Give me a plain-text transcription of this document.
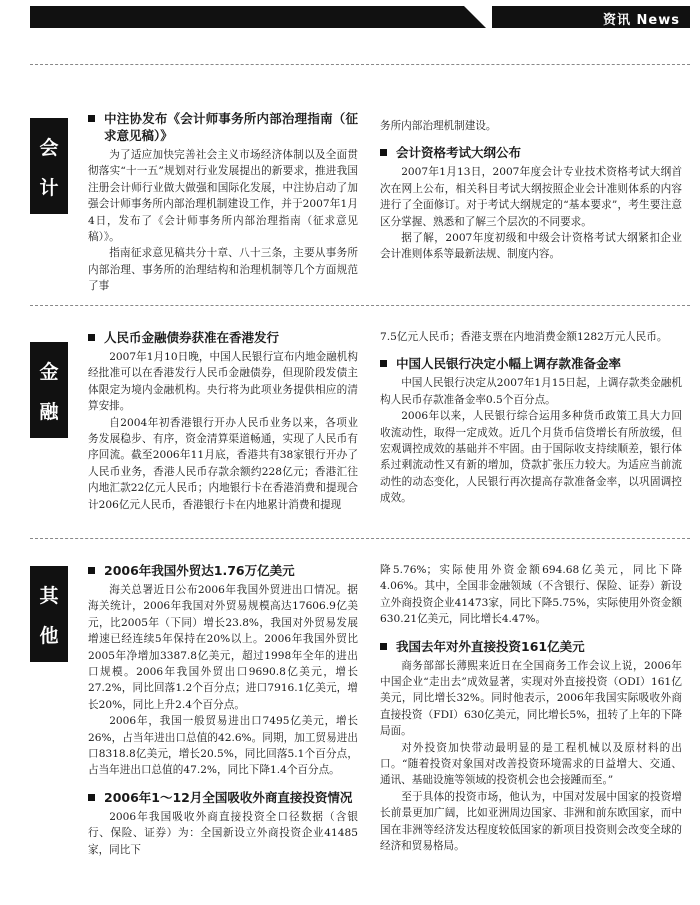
资讯 News
会
计
中注协发布《会计师事务所内部治理指南（征求意见稿）》

为了适应加快完善社会主义市场经济体制以及全面贯彻落实“十一五”规划对行业发展提出的新要求，推进我国注册会计师行业做大做强和国际化发展，中注协启动了加强会计师事务所内部治理机制建设工作，并于2007年1月4日，发布了《会计师事务所内部治理指南（征求意见稿）》。

指南征求意见稿共分十章、八十三条，主要从事务所内部治理、事务所的治理结构和治理机制等几个方面规范了事

务所内部治理机制建设。

会计资格考试大纲公布

2007年1月13日，2007年度会计专业技术资格考试大纲首次在网上公布，相关科目考试大纲按照企业会计准则体系的内容进行了全面修订。对于考试大纲规定的“基本要求”，考生要注意区分掌握、熟悉和了解三个层次的不同要求。

据了解，2007年度初级和中级会计资格考试大纲紧扣企业会计准则体系等最新法规、制度内容。

金
融
人民币金融债券获准在香港发行

2007年1月10日晚，中国人民银行宣布内地金融机构经批准可以在香港发行人民币金融债券，但现阶段发债主体限定为境内金融机构。央行将为此项业务提供相应的清算安排。

自2004年初香港银行开办人民币业务以来，各项业务发展稳步、有序，资金清算渠道畅通，实现了人民币有序回流。截至2006年11月底，香港共有38家银行开办了人民币业务，香港人民币存款余额约228亿元；香港汇往内地汇款22亿元人民币；内地银行卡在香港消费和提现合计206亿元人民币，香港银行卡在内地累计消费和提现

7.5亿元人民币；香港支票在内地消费金额1282万元人民币。

中国人民银行决定小幅上调存款准备金率

中国人民银行决定从2007年1月15日起，上调存款类金融机构人民币存款准备金率0.5个百分点。

2006年以来，人民银行综合运用多种货币政策工具大力回收流动性，取得一定成效。近几个月货币信贷增长有所放缓，但宏观调控成效的基础并不牢固。由于国际收支持续顺差，银行体系过剩流动性又有新的增加，贷款扩张压力较大。为适应当前流动性的动态变化，人民银行再次提高存款准备金率，以巩固调控成效。

其
他
2006年我国外贸达1.76万亿美元

海关总署近日公布2006年我国外贸进出口情况。据海关统计，2006年我国对外贸易规模高达17606.9亿美元，比2005年（下同）增长23.8%，我国对外贸易发展增速已经连续5年保持在20%以上。2006年我国外贸比2005年净增加3387.8亿美元，超过1998年全年的进出口规模。2006年我国外贸出口9690.8亿美元，增长27.2%，同比回落1.2个百分点；进口7916.1亿美元，增长20%，同比上升2.4个百分点。

2006年，我国一般贸易进出口7495亿美元，增长26%，占当年进出口总值的42.6%。同期，加工贸易进出口8318.8亿美元，增长20.5%，同比回落5.1个百分点，占当年进出口总值的47.2%，同比下降1.4个百分点。

2006年1～12月全国吸收外商直接投资情况

2006年我国吸收外商直接投资全口径数据（含银行、保险、证券）为：全国新设立外商投资企业41485家，同比下

降5.76%；实际使用外资金额694.68亿美元，同比下降4.06%。其中，全国非金融领域（不含银行、保险、证券）新设立外商投资企业41473家，同比下降5.75%，实际使用外资金额630.21亿美元，同比增长4.47%。

我国去年对外直接投资161亿美元

商务部部长薄熙来近日在全国商务工作会议上说，2006年中国企业“走出去”成效显著，实现对外直接投资（ODI）161亿美元，同比增长32%。同时他表示，2006年我国实际吸收外商直接投资（FDI）630亿美元，同比增长5%，扭转了上年的下降局面。

对外投资加快带动最明显的是工程机械以及原材料的出口。“随着投资对象国对改善投资环境需求的日益增大、交通、通讯、基础设施等领域的投资机会也会接踵而至。”

至于具体的投资市场，他认为，中国对发展中国家的投资增长前景更加广阔，比如亚洲周边国家、非洲和前东欧国家，而中国在非洲等经济发达程度较低国家的新项目投资则会改变全球的经济和贸易格局。
